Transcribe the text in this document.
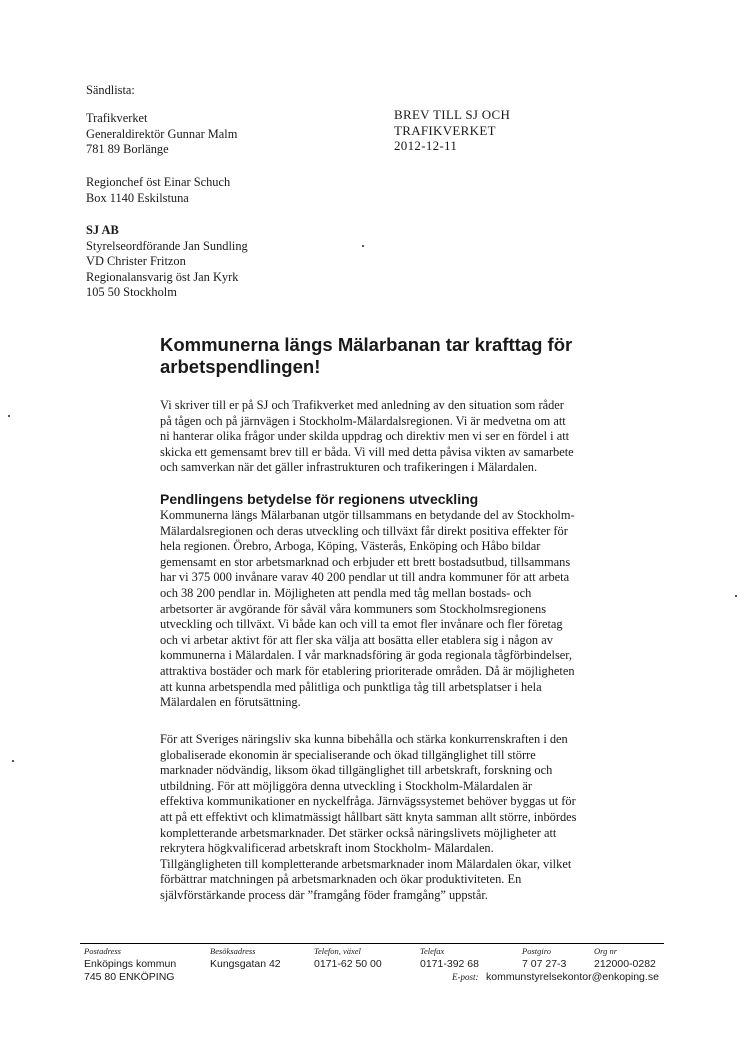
Sändlista:
Trafikverket
Generaldirektör Gunnar Malm
781 89 Borlänge
Regionchef öst Einar Schuch
Box 1140 Eskilstuna
SJ AB
Styrelseordförande Jan Sundling
VD Christer Fritzon
Regionalansvarig öst Jan Kyrk
105 50 Stockholm
BREV TILL SJ OCH
TRAFIKVERKET
2012-12-11
Kommunerna längs Mälarbanan tar krafttag för
arbetspendlingen!
Vi skriver till er på SJ och Trafikverket med anledning av den situation som råder
på tågen och på järnvägen i Stockholm-Mälardalsregionen. Vi är medvetna om att
ni hanterar olika frågor under skilda uppdrag och direktiv men vi ser en fördel i att
skicka ett gemensamt brev till er båda. Vi vill med detta påvisa vikten av samarbete
och samverkan när det gäller infrastrukturen och trafikeringen i Mälardalen.
Pendlingens betydelse för regionens utveckling
Kommunerna längs Mälarbanan utgör tillsammans en betydande del av Stockholm-
Mälardalsregionen och deras utveckling och tillväxt får direkt positiva effekter för
hela regionen. Örebro, Arboga, Köping, Västerås, Enköping och Håbo bildar
gemensamt en stor arbetsmarknad och erbjuder ett brett bostadsutbud, tillsammans
har vi 375 000 invånare varav 40 200 pendlar ut till andra kommuner för att arbeta
och 38 200 pendlar in. Möjligheten att pendla med tåg mellan bostads- och
arbetsorter är avgörande för såväl våra kommuners som Stockholmsregionens
utveckling och tillväxt. Vi både kan och vill ta emot fler invånare och fler företag
och vi arbetar aktivt för att fler ska välja att bosätta eller etablera sig i någon av
kommunerna i Mälardalen. I vår marknadsföring är goda regionala tågförbindelser,
attraktiva bostäder och mark för etablering prioriterade områden. Då är möjligheten
att kunna arbetspendla med pålitliga och punktliga tåg till arbetsplatser i hela
Mälardalen en förutsättning.
För att Sveriges näringsliv ska kunna bibehålla och stärka konkurrenskraften i den
globaliserade ekonomin är specialiserande och ökad tillgänglighet till större
marknader nödvändig, liksom ökad tillgänglighet till arbetskraft, forskning och
utbildning. För att möjliggöra denna utveckling i Stockholm-Mälardalen är
effektiva kommunikationer en nyckelfråga. Järnvägssystemet behöver byggas ut för
att på ett effektivt och klimatmässigt hållbart sätt knyta samman allt större, inbördes
kompletterande arbetsmarknader. Det stärker också näringslivets möjligheter att
rekrytera högkvalificerad arbetskraft inom Stockholm- Mälardalen.
Tillgängligheten till kompletterande arbetsmarknader inom Mälardalen ökar, vilket
förbättrar matchningen på arbetsmarknaden och ökar produktiviteten. En
självförstärkande process där ”framgång föder framgång” uppstår.
Postadress
Enköpings kommun
745 80 ENKÖPING
Besöksadress
Kungsgatan 42
Telefon, växel
0171-62 50 00
Telefax
0171-392 68
Postgiro
7 07 27-3
Org nr
212000-0282
E-post: kommunstyrelsekontor@enkoping.se
